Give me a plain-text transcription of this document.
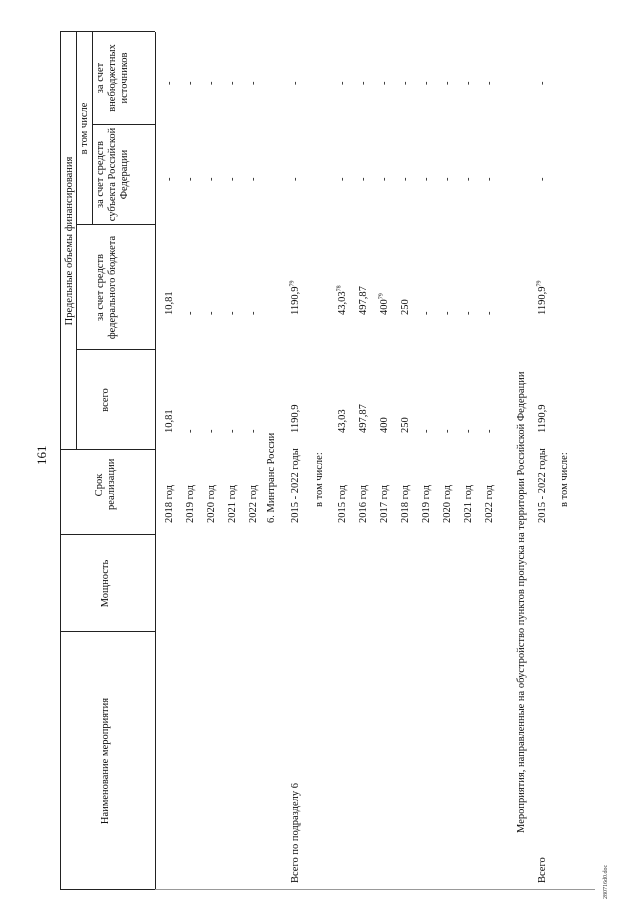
161
280716d0.doc
Наименование мероприятия
Мощность
Срок реализации
Предельные объемы финансирования
всего
в том числе
за счет средств федерального бюджета
за счет средств субъекта Российской Федерации
за счет внебюджетных источников
2018 год
10,81
10,81
-
-
2019 год
-
-
-
-
2020 год
-
-
-
-
2021 год
-
-
-
-
2022 год
-
-
-
-
6. Минтранс России
Всего по подразделу 6
2015 - 2022 годы
1190,9
1190,9$^{79}$
-
-
в том числе: 2015 год
43,03
43,03$^{78}$
-
-
2016 год
497,87
497,87
-
-
2017 год
400
$400^{79}$
-
-
2018 год
250
250
-
-
2019 год
-
-
-
-
2020 год
-
-
-
-
2021 год
-
-
-
-
2022 год
-
-
-
-
Мероприятия, направленные на обустройство пунктов пропуска на территории Российской Федерации
Всего
2015 - 2022 годы
1190,9
1190,9$^{79}$
-
-
в том числе:
